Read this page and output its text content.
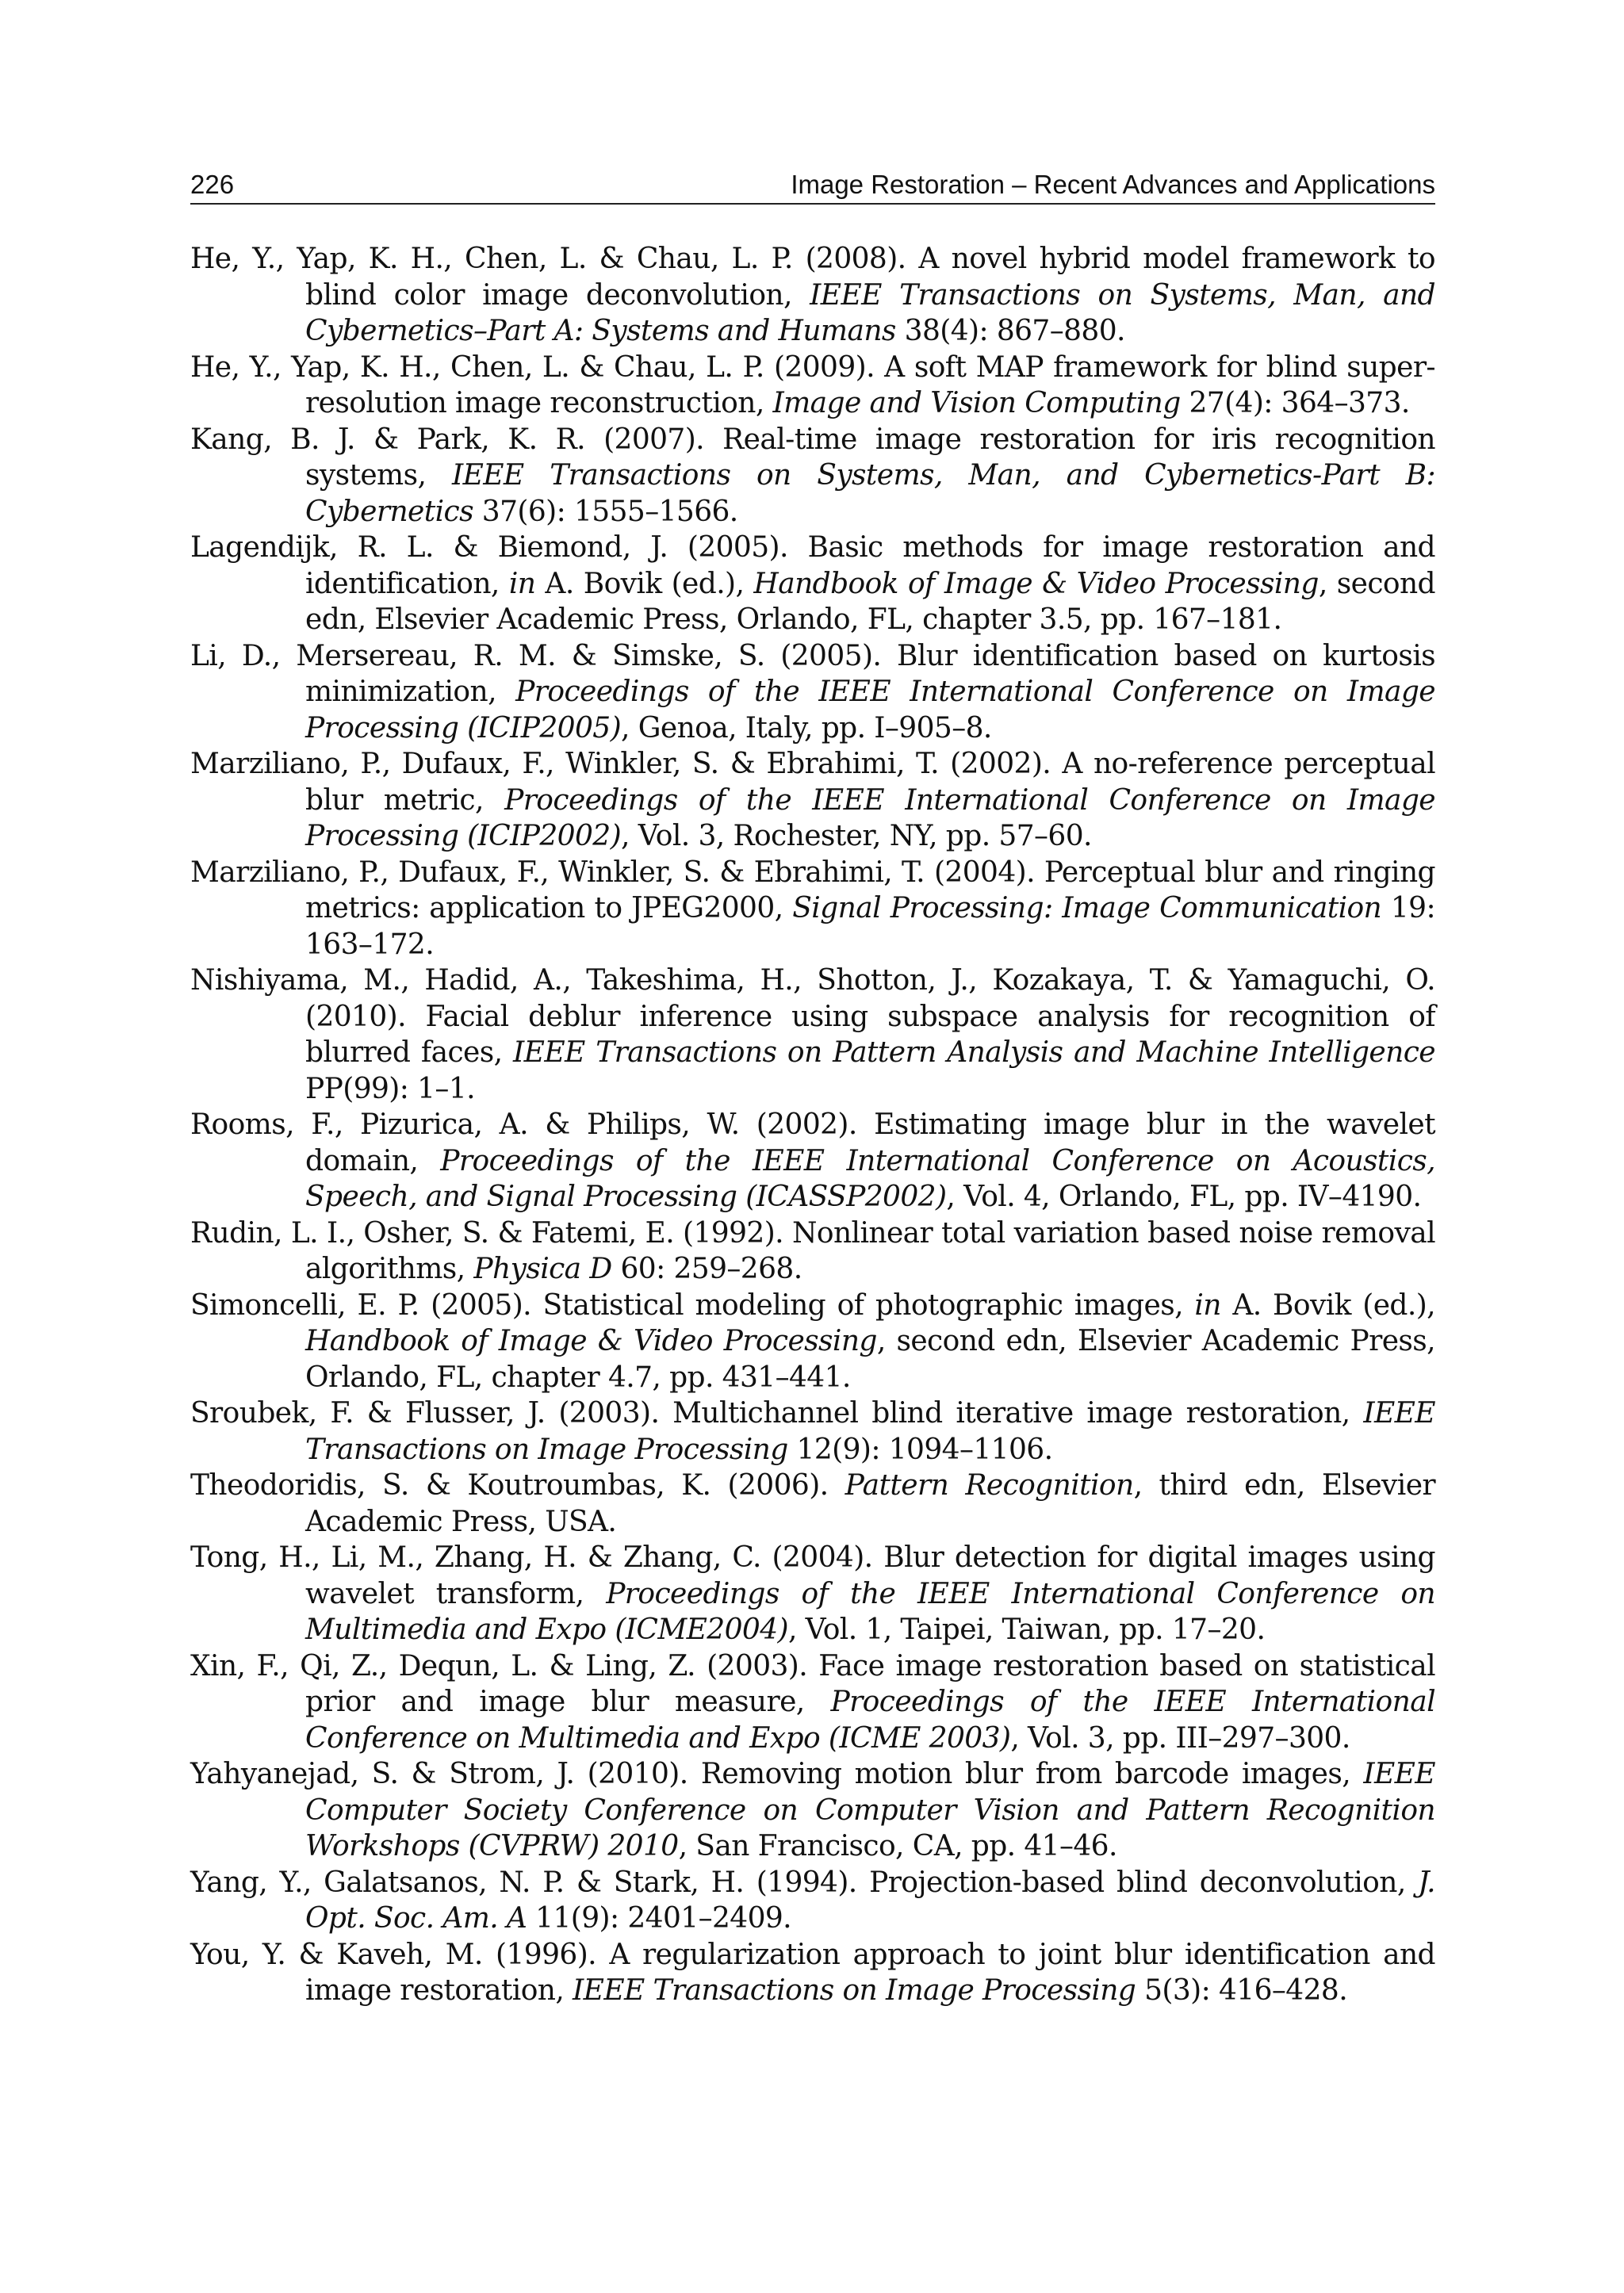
226	Image Restoration – Recent Advances and Applications

He, Y., Yap, K. H., Chen, L. & Chau, L. P. (2008). A novel hybrid model framework to blind color image deconvolution, IEEE Transactions on Systems, Man, and Cybernetics–Part A: Systems and Humans 38(4): 867–880.

He, Y., Yap, K. H., Chen, L. & Chau, L. P. (2009). A soft MAP framework for blind super-resolution image reconstruction, Image and Vision Computing 27(4): 364–373.

Kang, B. J. & Park, K. R. (2007). Real-time image restoration for iris recognition systems, IEEE Transactions on Systems, Man, and Cybernetics-Part B: Cybernetics 37(6): 1555–1566.

Lagendijk, R. L. & Biemond, J. (2005). Basic methods for image restoration and identification, in A. Bovik (ed.), Handbook of Image & Video Processing, second edn, Elsevier Academic Press, Orlando, FL, chapter 3.5, pp. 167–181.

Li, D., Mersereau, R. M. & Simske, S. (2005). Blur identification based on kurtosis minimization, Proceedings of the IEEE International Conference on Image Processing (ICIP2005), Genoa, Italy, pp. I–905–8.

Marziliano, P., Dufaux, F., Winkler, S. & Ebrahimi, T. (2002). A no-reference perceptual blur metric, Proceedings of the IEEE International Conference on Image Processing (ICIP2002), Vol. 3, Rochester, NY, pp. 57–60.

Marziliano, P., Dufaux, F., Winkler, S. & Ebrahimi, T. (2004). Perceptual blur and ringing metrics: application to JPEG2000, Signal Processing: Image Communication 19: 163–172.

Nishiyama, M., Hadid, A., Takeshima, H., Shotton, J., Kozakaya, T. & Yamaguchi, O. (2010). Facial deblur inference using subspace analysis for recognition of blurred faces, IEEE Transactions on Pattern Analysis and Machine Intelligence PP(99): 1–1.

Rooms, F., Pizurica, A. & Philips, W. (2002). Estimating image blur in the wavelet domain, Proceedings of the IEEE International Conference on Acoustics, Speech, and Signal Processing (ICASSP2002), Vol. 4, Orlando, FL, pp. IV–4190.

Rudin, L. I., Osher, S. & Fatemi, E. (1992). Nonlinear total variation based noise removal algorithms, Physica D 60: 259–268.

Simoncelli, E. P. (2005). Statistical modeling of photographic images, in A. Bovik (ed.), Handbook of Image & Video Processing, second edn, Elsevier Academic Press, Orlando, FL, chapter 4.7, pp. 431–441.

Sroubek, F. & Flusser, J. (2003). Multichannel blind iterative image restoration, IEEE Transactions on Image Processing 12(9): 1094–1106.

Theodoridis, S. & Koutroumbas, K. (2006). Pattern Recognition, third edn, Elsevier Academic Press, USA.

Tong, H., Li, M., Zhang, H. & Zhang, C. (2004). Blur detection for digital images using wavelet transform, Proceedings of the IEEE International Conference on Multimedia and Expo (ICME2004), Vol. 1, Taipei, Taiwan, pp. 17–20.

Xin, F., Qi, Z., Dequn, L. & Ling, Z. (2003). Face image restoration based on statistical prior and image blur measure, Proceedings of the IEEE International Conference on Multimedia and Expo (ICME 2003), Vol. 3, pp. III–297–300.

Yahyanejad, S. & Strom, J. (2010). Removing motion blur from barcode images, IEEE Computer Society Conference on Computer Vision and Pattern Recognition Workshops (CVPRW) 2010, San Francisco, CA, pp. 41–46.

Yang, Y., Galatsanos, N. P. & Stark, H. (1994). Projection-based blind deconvolution, J. Opt. Soc. Am. A 11(9): 2401–2409.

You, Y. & Kaveh, M. (1996). A regularization approach to joint blur identification and image restoration, IEEE Transactions on Image Processing 5(3): 416–428.
